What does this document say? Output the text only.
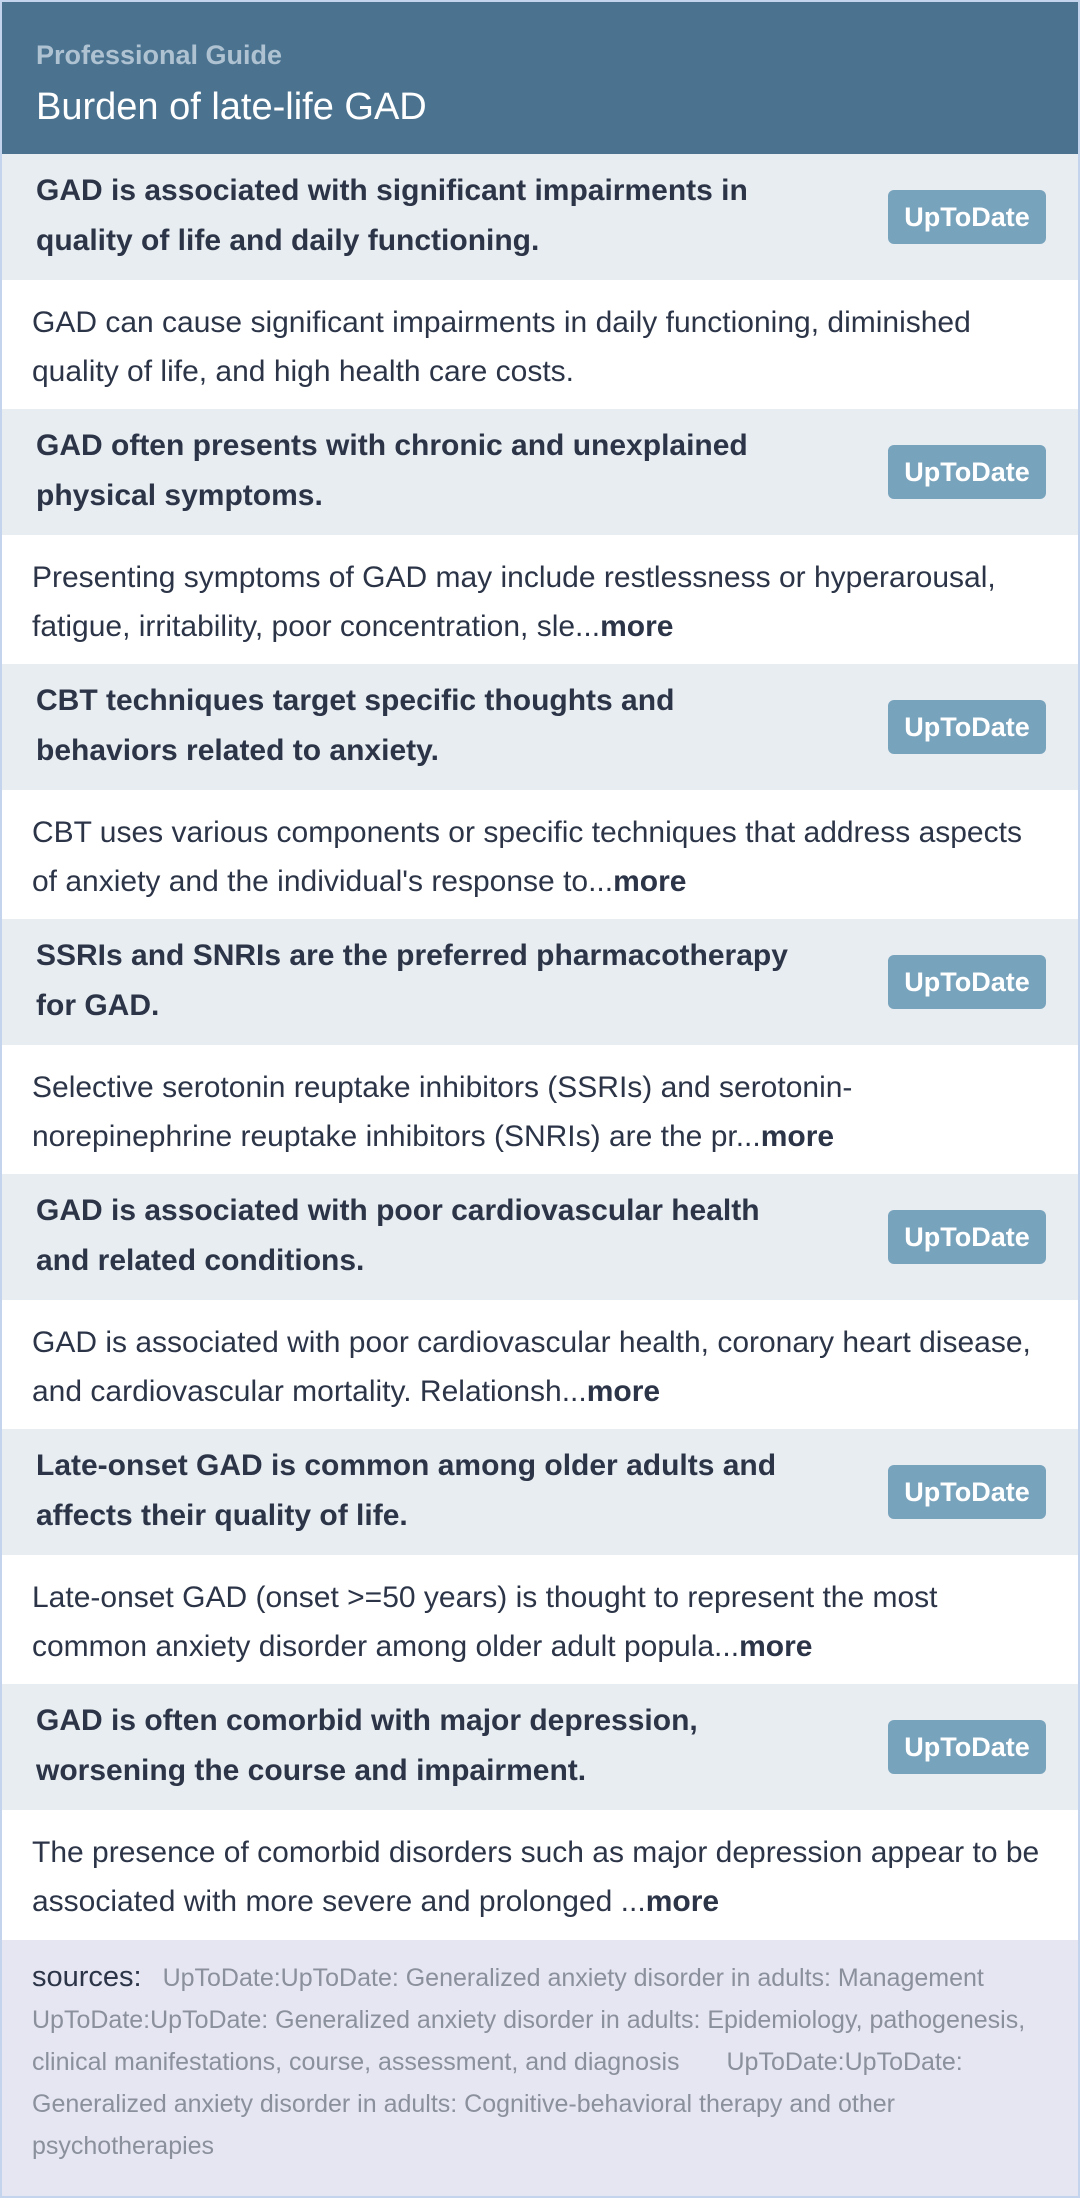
Professional Guide
Burden of late-life GAD
GAD is associated with significant impairments in quality of life and daily functioning.
UpToDate
GAD can cause significant impairments in daily functioning, diminished quality of life, and high health care costs.
GAD often presents with chronic and unexplained physical symptoms.
UpToDate
Presenting symptoms of GAD may include restlessness or hyperarousal, fatigue, irritability, poor concentration, sle...more
CBT techniques target specific thoughts and behaviors related to anxiety.
UpToDate
CBT uses various components or specific techniques that address aspects of anxiety and the individual's response to...more
SSRIs and SNRIs are the preferred pharmacotherapy for GAD.
UpToDate
Selective serotonin reuptake inhibitors (SSRIs) and serotonin-norepinephrine reuptake inhibitors (SNRIs) are the pr...more
GAD is associated with poor cardiovascular health and related conditions.
UpToDate
GAD is associated with poor cardiovascular health, coronary heart disease, and cardiovascular mortality. Relationsh...more
Late-onset GAD is common among older adults and affects their quality of life.
UpToDate
Late-onset GAD (onset >=50 years) is thought to represent the most common anxiety disorder among older adult popula...more
GAD is often comorbid with major depression, worsening the course and impairment.
UpToDate
The presence of comorbid disorders such as major depression appear to be associated with more severe and prolonged ...more
sources: UpToDate:UpToDate: Generalized anxiety disorder in adults: Management UpToDate:UpToDate: Generalized anxiety disorder in adults: Epidemiology, pathogenesis, clinical manifestations, course, assessment, and diagnosis UpToDate:UpToDate: Generalized anxiety disorder in adults: Cognitive-behavioral therapy and other psychotherapies
